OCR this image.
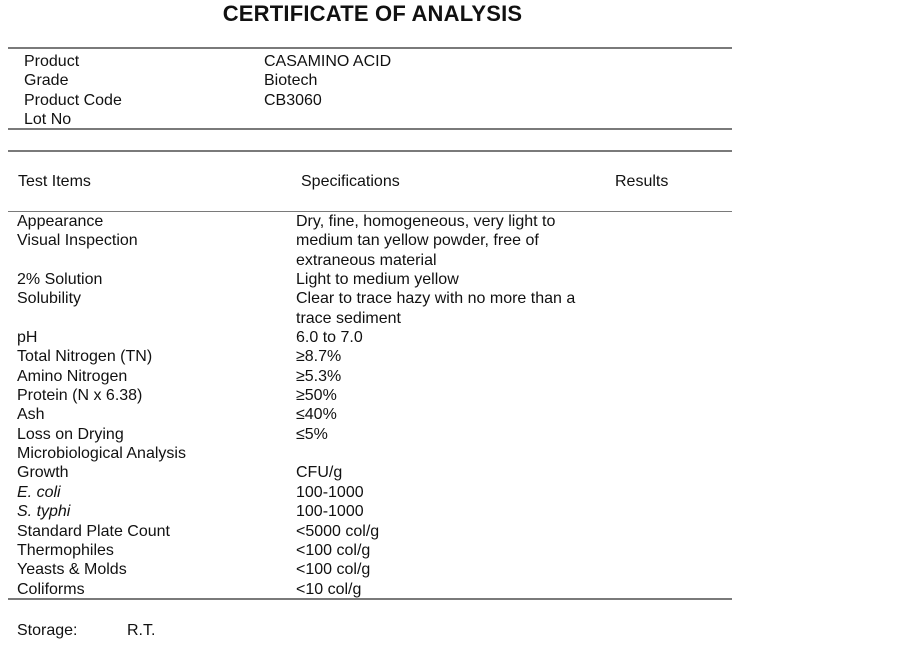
CERTIFICATE OF ANALYSIS
Product	CASAMINO ACID
Grade	Biotech
Product Code	CB3060
Lot No
Test Items	Specifications	Results
Appearance	Dry, fine, homogeneous, very light to
Visual Inspection	medium tan yellow powder, free of extraneous material
2% Solution	Light to medium yellow
Solubility	Clear to trace hazy with no more than a trace sediment
pH	6.0 to 7.0
Total Nitrogen (TN)	≥8.7%
Amino Nitrogen	≥5.3%
Protein (N x 6.38)	≥50%
Ash	≤40%
Loss on Drying	≤5%
Microbiological Analysis
Growth	CFU/g
E. coli	100-1000
S. typhi	100-1000
Standard Plate Count	<5000 col/g
Thermophiles	<100 col/g
Yeasts & Molds	<100 col/g
Coliforms	<10 col/g
Storage:	R.T.
